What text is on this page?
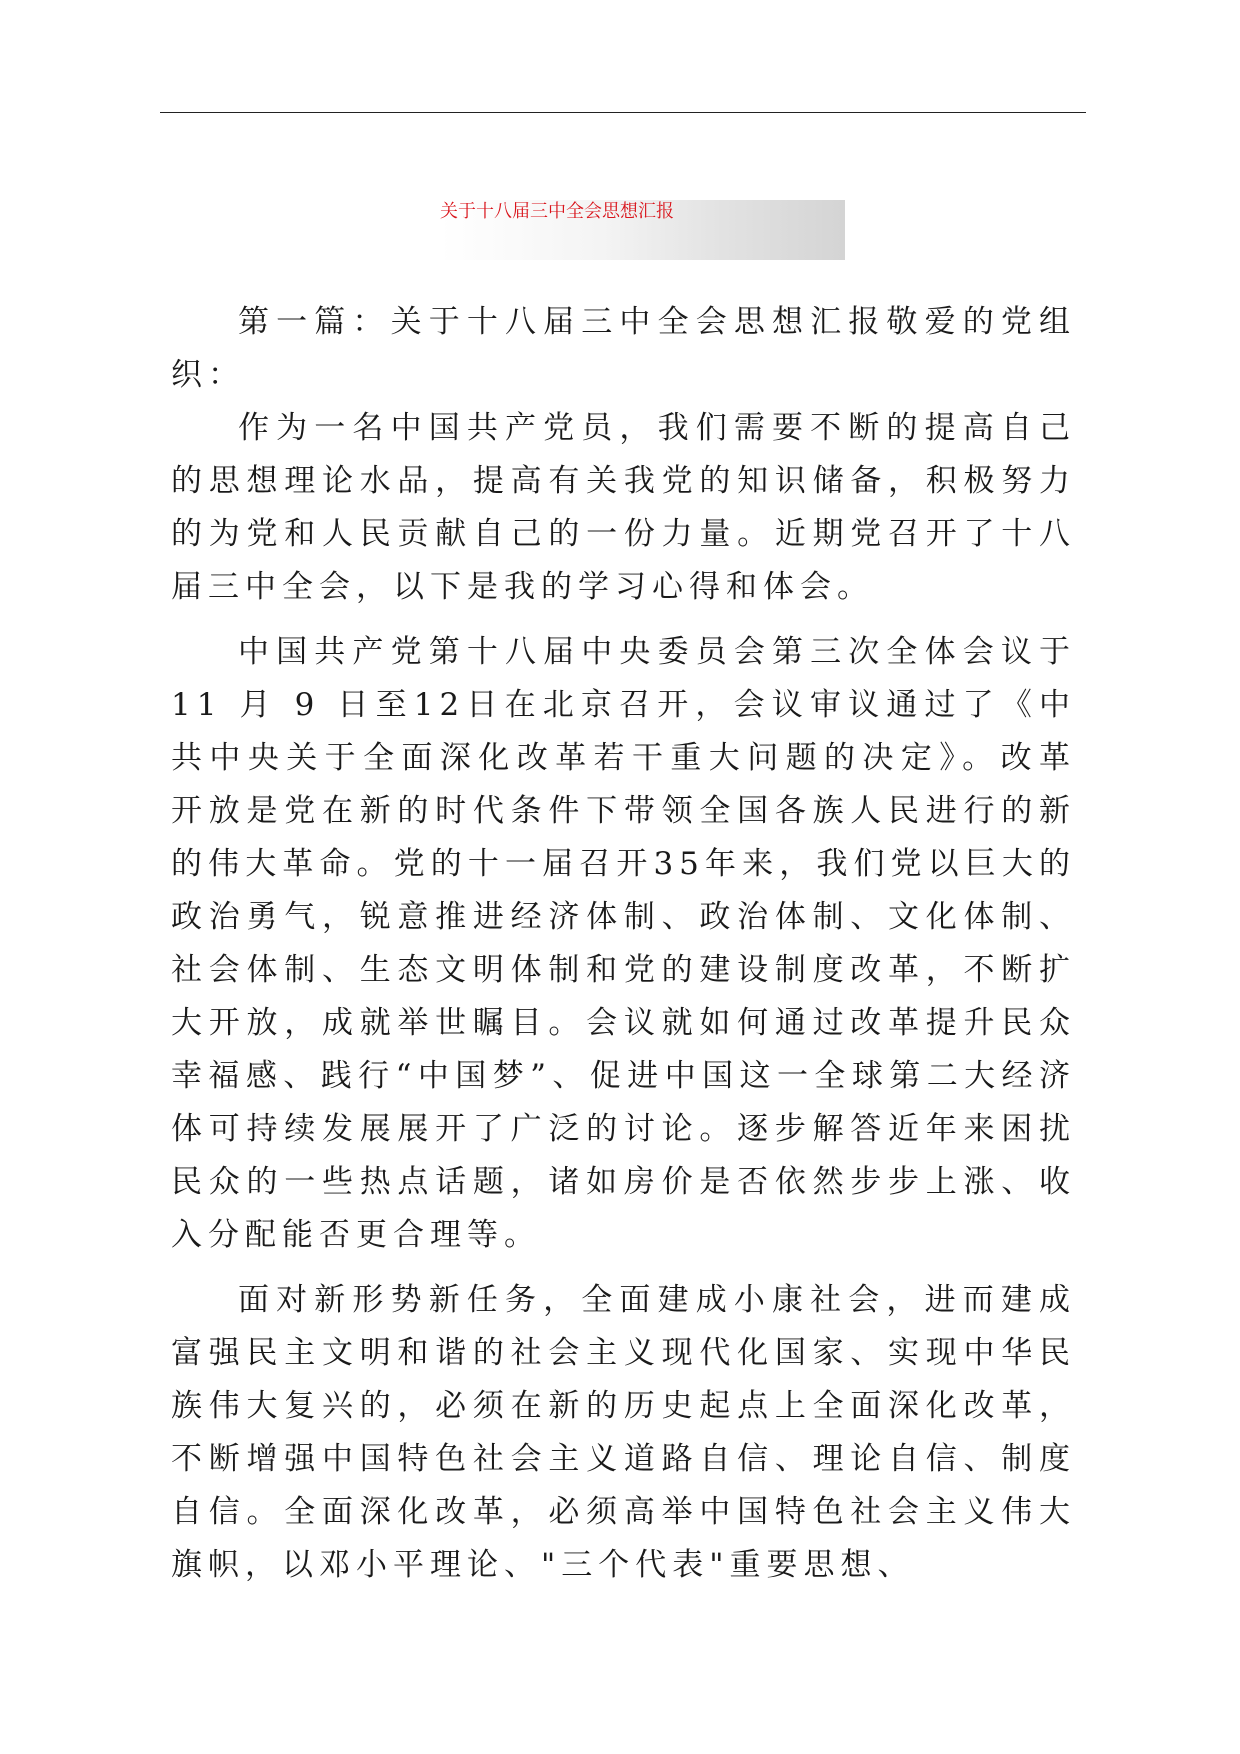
关于十八届三中全会思想汇报

第一篇：关于十八届三中全会思想汇报敬爱的党组织：

作为一名中国共产党员，我们需要不断的提高自己的思想理论水品，提高有关我党的知识储备，积极努力的为党和人民贡献自己的一份力量。近期党召开了十八届三中全会，以下是我的学习心得和体会。

中国共产党第十八届中央委员会第三次全体会议于11 月 9 日至12日在北京召开，会议审议通过了《中共中央关于全面深化改革若干重大问题的决定》。改革开放是党在新的时代条件下带领全国各族人民进行的新的伟大革命。党的十一届召开35年来，我们党以巨大的政治勇气，锐意推进经济体制、政治体制、文化体制、社会体制、生态文明体制和党的建设制度改革，不断扩大开放，成就举世瞩目。会议就如何通过改革提升民众幸福感、践行“中国梦”、促进中国这一全球第二大经济体可持续发展展开了广泛的讨论。逐步解答近年来困扰民众的一些热点话题，诸如房价是否依然步步上涨、收入分配能否更合理等。

面对新形势新任务，全面建成小康社会，进而建成富强民主文明和谐的社会主义现代化国家、实现中华民族伟大复兴的，必须在新的历史起点上全面深化改革，不断增强中国特色社会主义道路自信、理论自信、制度自信。全面深化改革，必须高举中国特色社会主义伟大旗帜，以邓小平理论、"三个代表"重要思想、
